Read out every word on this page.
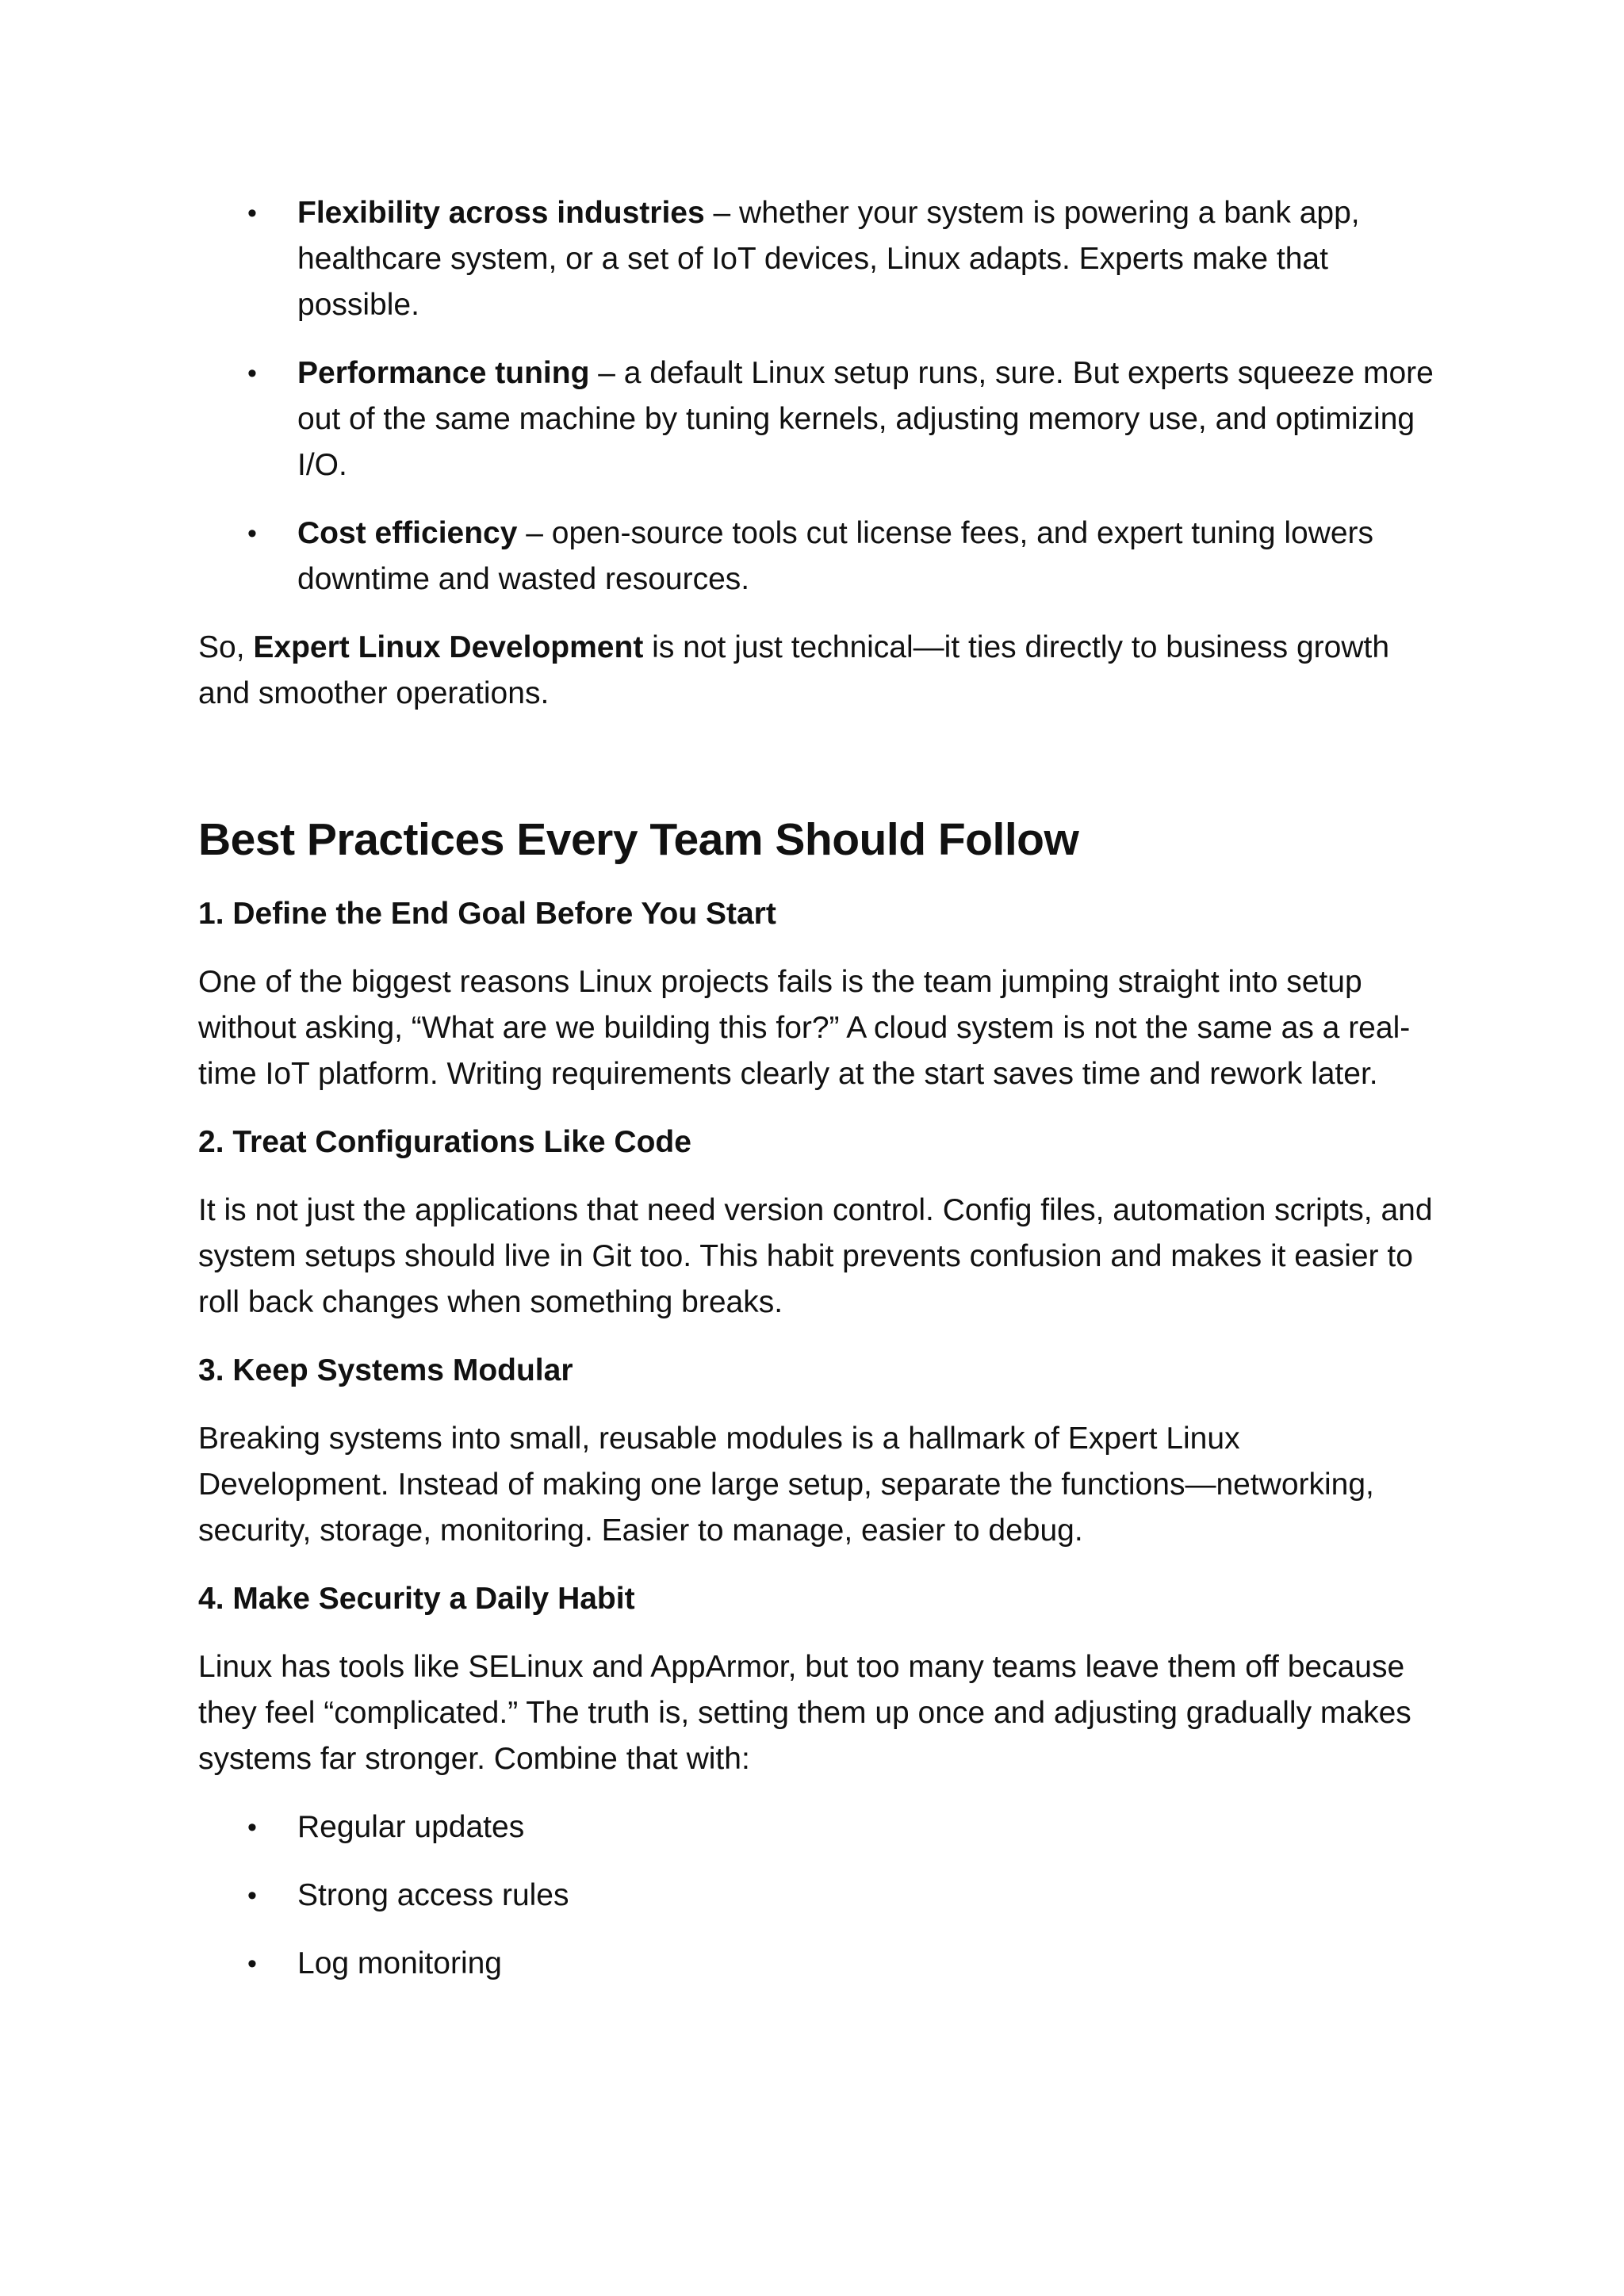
•	Flexibility across industries – whether your system is powering a bank app, healthcare system, or a set of IoT devices, Linux adapts. Experts make that possible.
•	Performance tuning – a default Linux setup runs, sure. But experts squeeze more out of the same machine by tuning kernels, adjusting memory use, and optimizing I/O.
•	Cost efficiency – open-source tools cut license fees, and expert tuning lowers downtime and wasted resources.

So, Expert Linux Development is not just technical—it ties directly to business growth and smoother operations.

Best Practices Every Team Should Follow
1. Define the End Goal Before You Start

One of the biggest reasons Linux projects fails is the team jumping straight into setup without asking, “What are we building this for?” A cloud system is not the same as a real-time IoT platform. Writing requirements clearly at the start saves time and rework later.

2. Treat Configurations Like Code

It is not just the applications that need version control. Config files, automation scripts, and system setups should live in Git too. This habit prevents confusion and makes it easier to roll back changes when something breaks.

3. Keep Systems Modular

Breaking systems into small, reusable modules is a hallmark of Expert Linux Development. Instead of making one large setup, separate the functions—networking, security, storage, monitoring. Easier to manage, easier to debug.

4. Make Security a Daily Habit

Linux has tools like SELinux and AppArmor, but too many teams leave them off because they feel “complicated.” The truth is, setting them up once and adjusting gradually makes systems far stronger. Combine that with:

•	Regular updates
•	Strong access rules
•	Log monitoring
